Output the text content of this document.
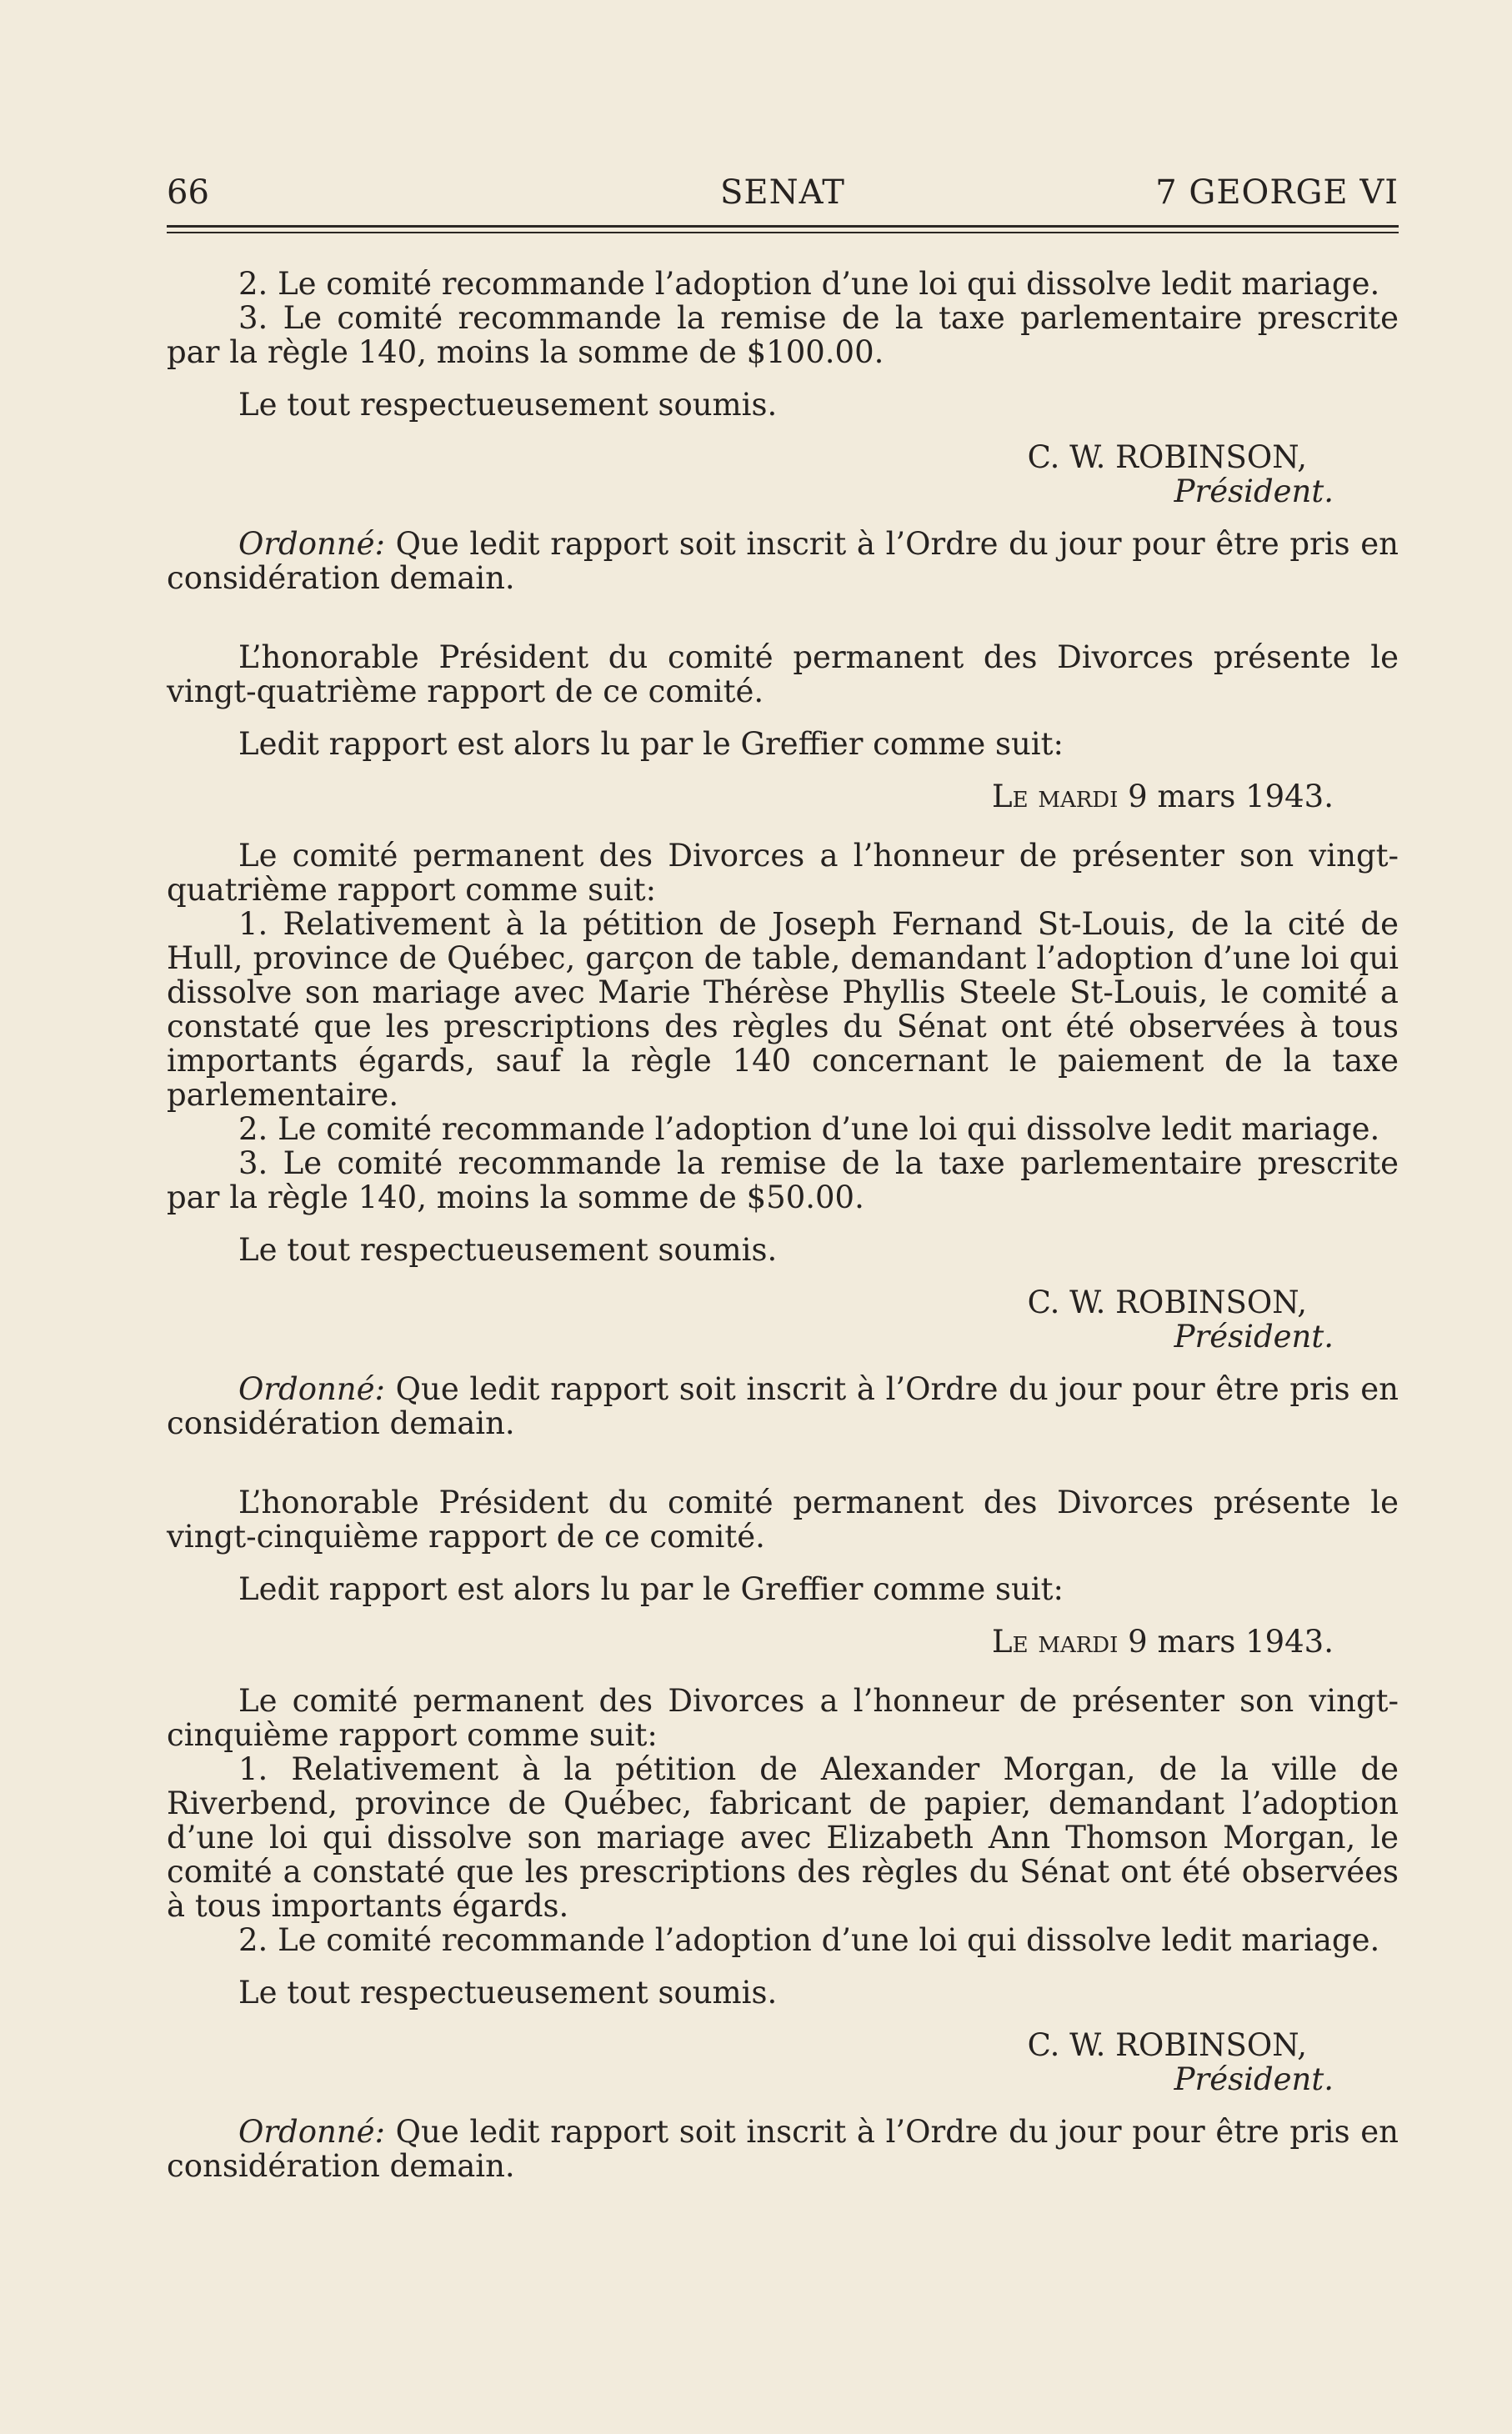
66	SENAT	7 GEORGE VI

2. Le comité recommande l’adoption d’une loi qui dissolve ledit mariage.

3. Le comité recommande la remise de la taxe parlementaire prescrite par la règle 140, moins la somme de $100.00.

Le tout respectueusement soumis.

C. W. ROBINSON,

Président.

Ordonné: Que ledit rapport soit inscrit à l’Ordre du jour pour être pris en considération demain.

L’honorable Président du comité permanent des Divorces présente le vingt-quatrième rapport de ce comité.

Ledit rapport est alors lu par le Greffier comme suit:

Le mardi 9 mars 1943.

Le comité permanent des Divorces a l’honneur de présenter son vingt-quatrième rapport comme suit:

1. Relativement à la pétition de Joseph Fernand St-Louis, de la cité de Hull, province de Québec, garçon de table, demandant l’adoption d’une loi qui dissolve son mariage avec Marie Thérèse Phyllis Steele St-Louis, le comité a constaté que les prescriptions des règles du Sénat ont été observées à tous importants égards, sauf la règle 140 concernant le paiement de la taxe parlementaire.

2. Le comité recommande l’adoption d’une loi qui dissolve ledit mariage.

3. Le comité recommande la remise de la taxe parlementaire prescrite par la règle 140, moins la somme de $50.00.

Le tout respectueusement soumis.

C. W. ROBINSON,

Président.

Ordonné: Que ledit rapport soit inscrit à l’Ordre du jour pour être pris en considération demain.

L’honorable Président du comité permanent des Divorces présente le vingt-cinquième rapport de ce comité.

Ledit rapport est alors lu par le Greffier comme suit:

Le mardi 9 mars 1943.

Le comité permanent des Divorces a l’honneur de présenter son vingt-cinquième rapport comme suit:

1. Relativement à la pétition de Alexander Morgan, de la ville de Riverbend, province de Québec, fabricant de papier, demandant l’adoption d’une loi qui dissolve son mariage avec Elizabeth Ann Thomson Morgan, le comité a constaté que les prescriptions des règles du Sénat ont été observées à tous importants égards.

2. Le comité recommande l’adoption d’une loi qui dissolve ledit mariage.

Le tout respectueusement soumis.

C. W. ROBINSON,

Président.

Ordonné: Que ledit rapport soit inscrit à l’Ordre du jour pour être pris en considération demain.
